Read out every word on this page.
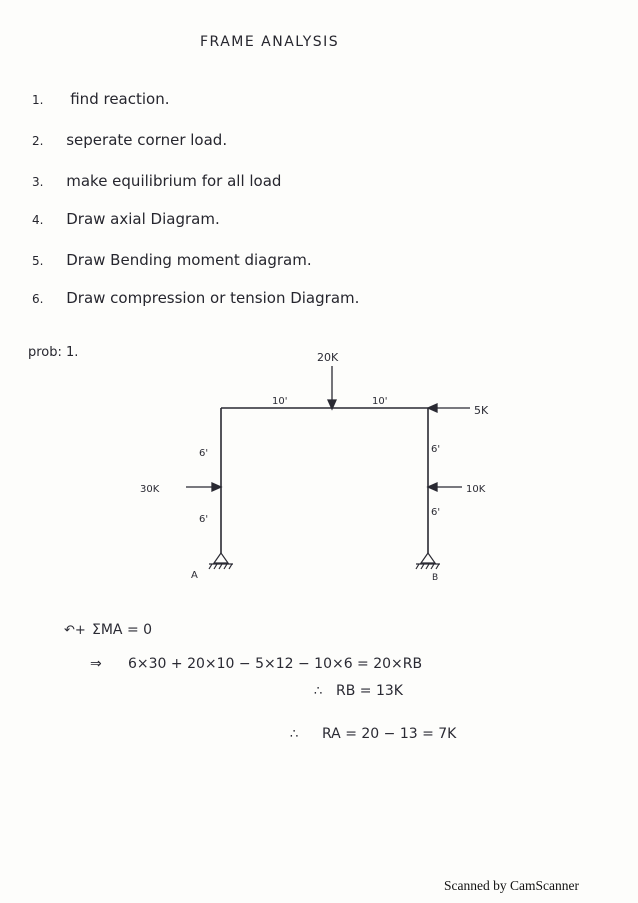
FRAME ANALYSIS
1. find reaction.
2. seperate corner load.
3. make equilibrium for all load
4. Draw axial Diagram.
5. Draw Bending moment diagram.
6. Draw compression or tension Diagram.
prob: 1.	20K
10'	10'
5K
10K
30K
6'
6'
6'
6'
A	B
↶+ ΣMA = 0
⇒ 6×30 + 20×10 − 5×12 − 10×6 = 20×RB
∴ RB = 13K
∴ RA = 20 − 13 = 7K
Scanned by CamScanner
